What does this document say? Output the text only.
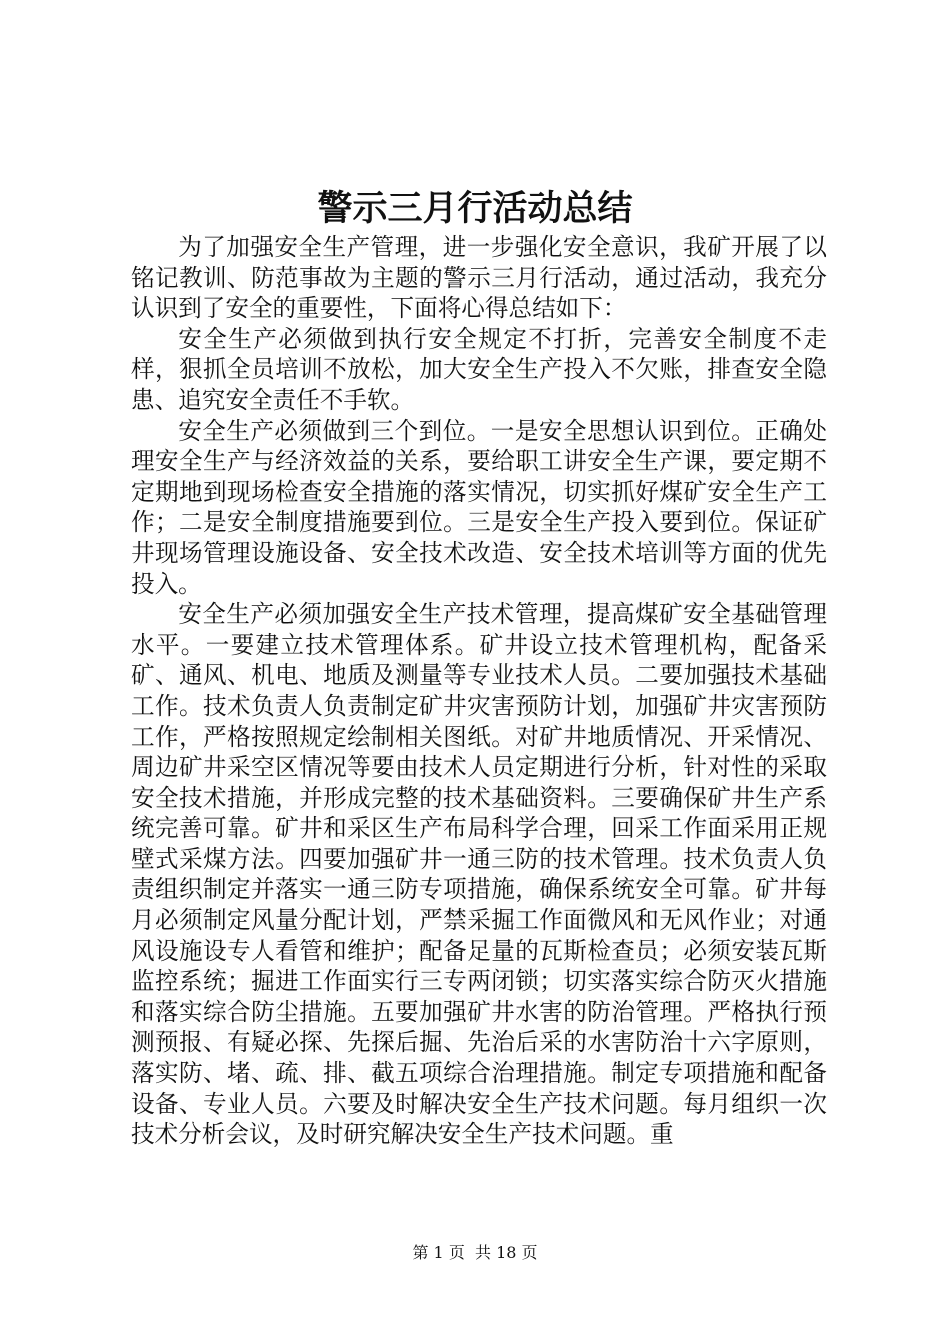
警示三月行活动总结

为了加强安全生产管理，进一步强化安全意识，我矿开展了以铭记教训、防范事故为主题的警示三月行活动，通过活动，我充分认识到了安全的重要性，下面将心得总结如下：

安全生产必须做到执行安全规定不打折，完善安全制度不走样，狠抓全员培训不放松，加大安全生产投入不欠账，排查安全隐患、追究安全责任不手软。

安全生产必须做到三个到位。一是安全思想认识到位。正确处理安全生产与经济效益的关系，要给职工讲安全生产课，要定期不定期地到现场检查安全措施的落实情况，切实抓好煤矿安全生产工作；二是安全制度措施要到位。三是安全生产投入要到位。保证矿井现场管理设施设备、安全技术改造、安全技术培训等方面的优先投入。

安全生产必须加强安全生产技术管理，提高煤矿安全基础管理水平。一要建立技术管理体系。矿井设立技术管理机构，配备采矿、通风、机电、地质及测量等专业技术人员。二要加强技术基础工作。技术负责人负责制定矿井灾害预防计划，加强矿井灾害预防工作，严格按照规定绘制相关图纸。对矿井地质情况、开采情况、周边矿井采空区情况等要由技术人员定期进行分析，针对性的采取安全技术措施，并形成完整的技术基础资料。三要确保矿井生产系统完善可靠。矿井和采区生产布局科学合理，回采工作面采用正规壁式采煤方法。四要加强矿井一通三防的技术管理。技术负责人负责组织制定并落实一通三防专项措施，确保系统安全可靠。矿井每月必须制定风量分配计划，严禁采掘工作面微风和无风作业；对通风设施设专人看管和维护；配备足量的瓦斯检查员；必须安装瓦斯监控系统；掘进工作面实行三专两闭锁；切实落实综合防灭火措施和落实综合防尘措施。五要加强矿井水害的防治管理。严格执行预测预报、有疑必探、先探后掘、先治后采的水害防治十六字原则，落实防、堵、疏、排、截五项综合治理措施。制定专项措施和配备设备、专业人员。六要及时解决安全生产技术问题。每月组织一次技术分析会议，及时研究解决安全生产技术问题。重

第 1 页  共 18 页
